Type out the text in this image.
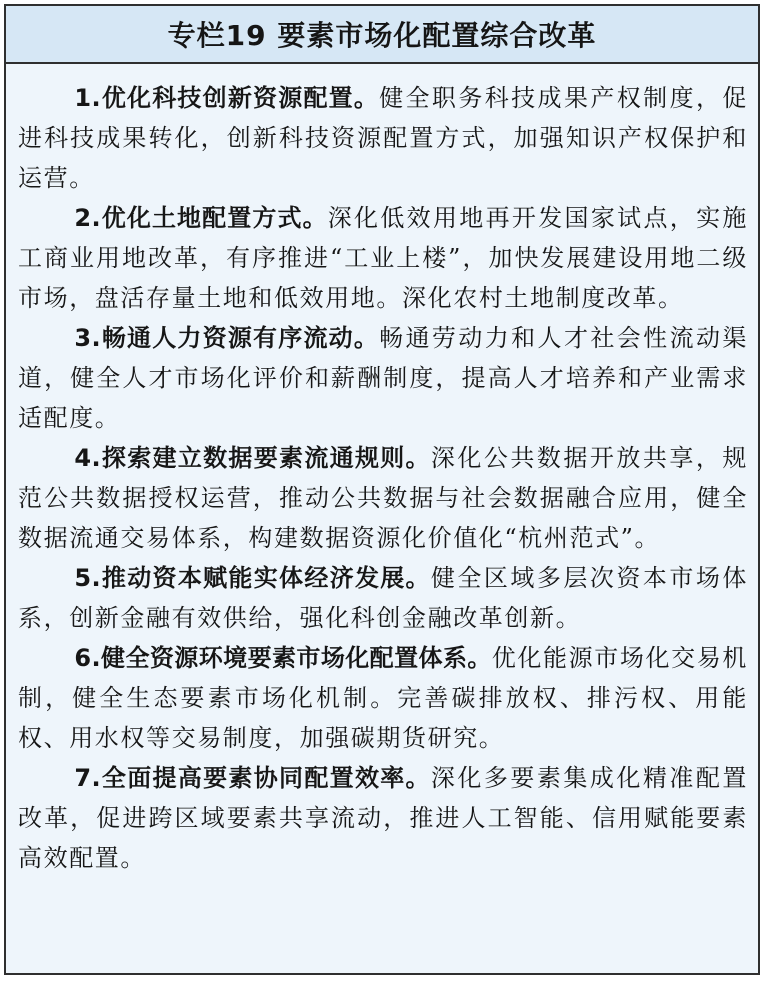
专栏19 要素市场化配置综合改革

1.优化科技创新资源配置。健全职务科技成果产权制度，促进科技成果转化，创新科技资源配置方式，加强知识产权保护和运营。

2.优化土地配置方式。深化低效用地再开发国家试点，实施工商业用地改革，有序推进“工业上楼”，加快发展建设用地二级市场，盘活存量土地和低效用地。深化农村土地制度改革。

3.畅通人力资源有序流动。畅通劳动力和人才社会性流动渠道，健全人才市场化评价和薪酬制度，提高人才培养和产业需求适配度。

4.探索建立数据要素流通规则。深化公共数据开放共享，规范公共数据授权运营，推动公共数据与社会数据融合应用，健全数据流通交易体系，构建数据资源化价值化“杭州范式”。

5.推动资本赋能实体经济发展。健全区域多层次资本市场体系，创新金融有效供给，强化科创金融改革创新。

6.健全资源环境要素市场化配置体系。优化能源市场化交易机制，健全生态要素市场化机制。完善碳排放权、排污权、用能权、用水权等交易制度，加强碳期货研究。

7.全面提高要素协同配置效率。深化多要素集成化精准配置改革，促进跨区域要素共享流动，推进人工智能、信用赋能要素高效配置。
